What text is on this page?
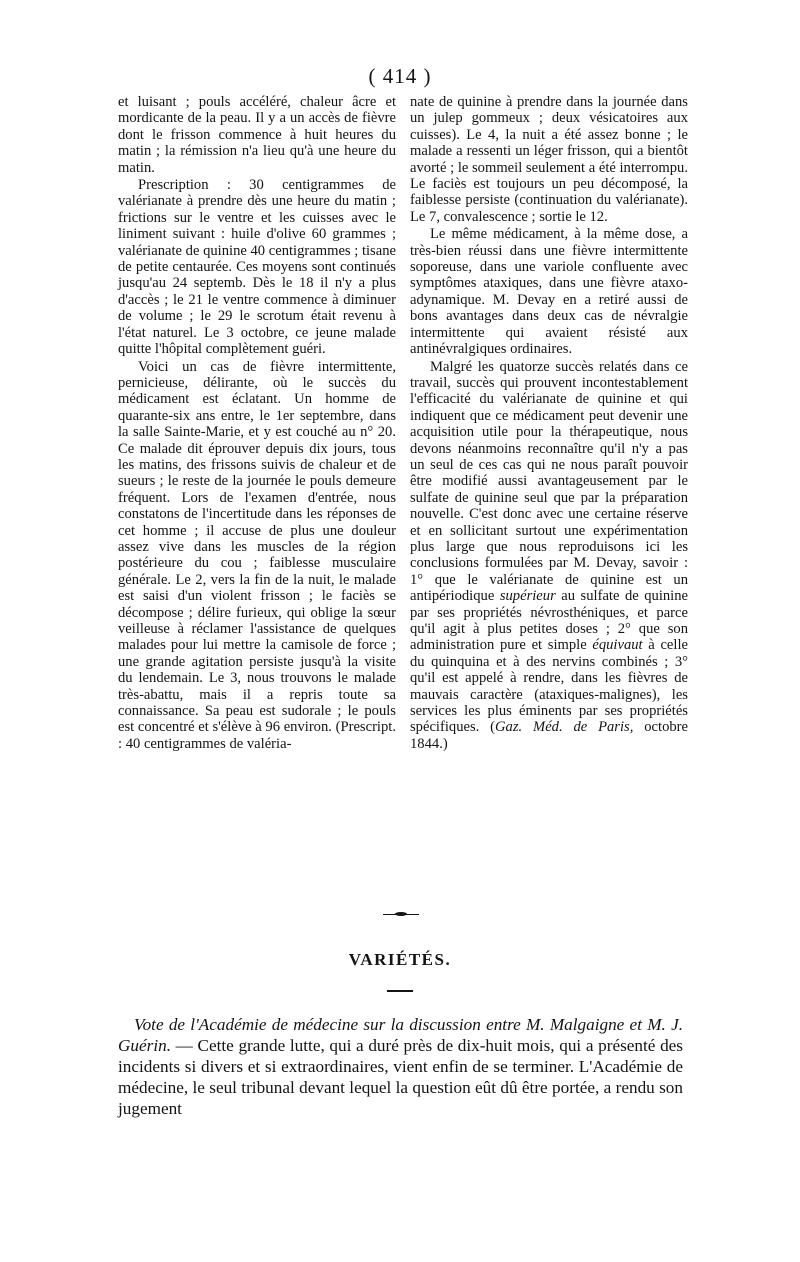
( 414 )

et luisant ; pouls accéléré, chaleur âcre et mordicante de la peau. Il y a un accès de fièvre dont le frisson commence à huit heures du matin ; la rémission n'a lieu qu'à une heure du matin.

Prescription : 30 centigrammes de valérianate à prendre dès une heure du matin ; frictions sur le ventre et les cuisses avec le liniment suivant : huile d'olive 60 grammes ; valérianate de quinine 40 centigrammes ; tisane de petite centaurée. Ces moyens sont continués jusqu'au 24 septemb. Dès le 18 il n'y a plus d'accès ; le 21 le ventre commence à diminuer de volume ; le 29 le scrotum était revenu à l'état naturel. Le 3 octobre, ce jeune malade quitte l'hôpital complètement guéri.

Voici un cas de fièvre intermittente, pernicieuse, délirante, où le succès du médicament est éclatant. Un homme de quarante-six ans entre, le 1er septembre, dans la salle Sainte-Marie, et y est couché au n° 20. Ce malade dit éprouver depuis dix jours, tous les matins, des frissons suivis de chaleur et de sueurs ; le reste de la journée le pouls demeure fréquent. Lors de l'examen d'entrée, nous constatons de l'incertitude dans les réponses de cet homme ; il accuse de plus une douleur assez vive dans les muscles de la région postérieure du cou ; faiblesse musculaire générale. Le 2, vers la fin de la nuit, le malade est saisi d'un violent frisson ; le faciès se décompose ; délire furieux, qui oblige la sœur veilleuse à réclamer l'assistance de quelques malades pour lui mettre la camisole de force ; une grande agitation persiste jusqu'à la visite du lendemain. Le 3, nous trouvons le malade très-abattu, mais il a repris toute sa connaissance. Sa peau est sudorale ; le pouls est concentré et s'élève à 96 environ. (Prescript. : 40 centigrammes de valéria-

nate de quinine à prendre dans la journée dans un julep gommeux ; deux vésicatoires aux cuisses). Le 4, la nuit a été assez bonne ; le malade a ressenti un léger frisson, qui a bientôt avorté ; le sommeil seulement a été interrompu. Le faciès est toujours un peu décomposé, la faiblesse persiste (continuation du valérianate). Le 7, convalescence ; sortie le 12.

Le même médicament, à la même dose, a très-bien réussi dans une fièvre intermittente soporeuse, dans une variole confluente avec symptômes ataxiques, dans une fièvre ataxo-adynamique. M. Devay en a retiré aussi de bons avantages dans deux cas de névralgie intermittente qui avaient résisté aux antinévralgiques ordinaires.

Malgré les quatorze succès relatés dans ce travail, succès qui prouvent incontestablement l'efficacité du valérianate de quinine et qui indiquent que ce médicament peut devenir une acquisition utile pour la thérapeutique, nous devons néanmoins reconnaître qu'il n'y a pas un seul de ces cas qui ne nous paraît pouvoir être modifié aussi avantageusement par le sulfate de quinine seul que par la préparation nouvelle. C'est donc avec une certaine réserve et en sollicitant surtout une expérimentation plus large que nous reproduisons ici les conclusions formulées par M. Devay, savoir : 1° que le valérianate de quinine est un antipériodique supérieur au sulfate de quinine par ses propriétés névrosthéniques, et parce qu'il agit à plus petites doses ; 2° que son administration pure et simple équivaut à celle du quinquina et à des nervins combinés ; 3° qu'il est appelé à rendre, dans les fièvres de mauvais caractère (ataxiques-malignes), les services les plus éminents par ses propriétés spécifiques. (Gaz. Méd. de Paris, octobre 1844.)

VARIÉTÉS.
Vote de l'Académie de médecine sur la discussion entre M. Malgaigne et M. J. Guérin. — Cette grande lutte, qui a duré près de dix-huit mois, qui a présenté des incidents si divers et si extraordinaires, vient enfin de se terminer. L'Académie de médecine, le seul tribunal devant lequel la question eût dû être portée, a rendu son jugement
